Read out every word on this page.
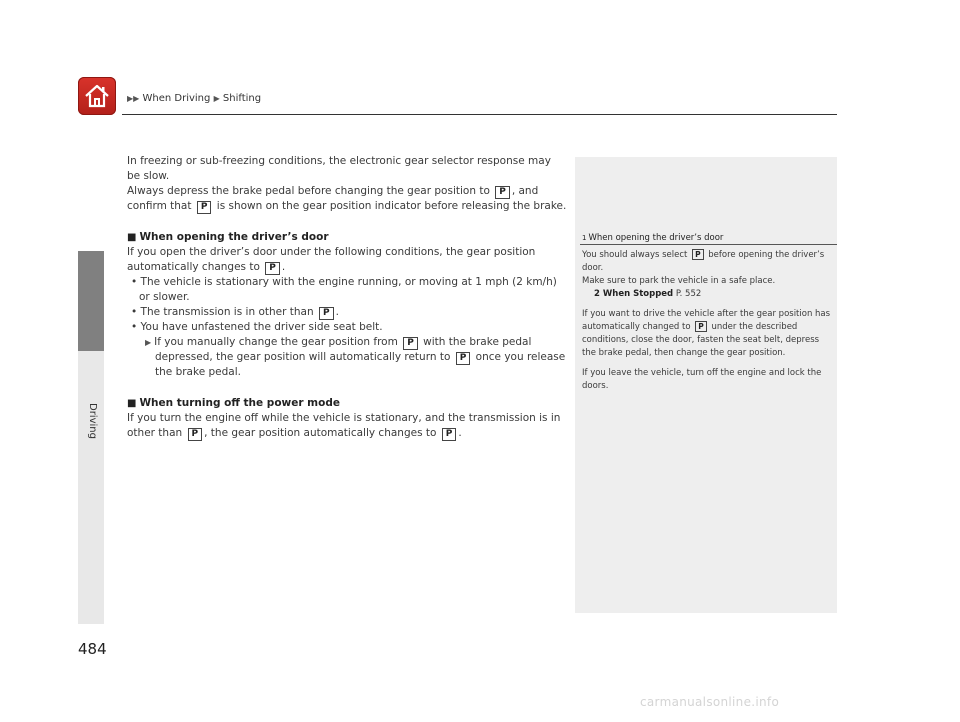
▶▶ When Driving ▶ Shifting
Driving
484

In freezing or sub-freezing conditions, the electronic gear selector response may be slow.

Always depress the brake pedal before changing the gear position to P , and confirm that P is shown on the gear position indicator before releasing the brake.

■ When opening the driver’s door

If you open the driver’s door under the following conditions, the gear position automatically changes to P .

• The vehicle is stationary with the engine running, or moving at 1 mph (2 km/h) or slower.

• The transmission is in other than P .

• You have unfastened the driver side seat belt.

▶ If you manually change the gear position from P with the brake pedal depressed, the gear position will automatically return to P once you release the brake pedal.

■ When turning off the power mode

If you turn the engine off while the vehicle is stationary, and the transmission is in other than P , the gear position automatically changes to P .

1 When opening the driver’s door

You should always select P before opening the driver’s door.

Make sure to park the vehicle in a safe place.

2 When Stopped P. 552

If you want to drive the vehicle after the gear position has automatically changed to P under the described conditions, close the door, fasten the seat belt, depress the brake pedal, then change the gear position.

If you leave the vehicle, turn off the engine and lock the doors.

carmanualsonline.info
